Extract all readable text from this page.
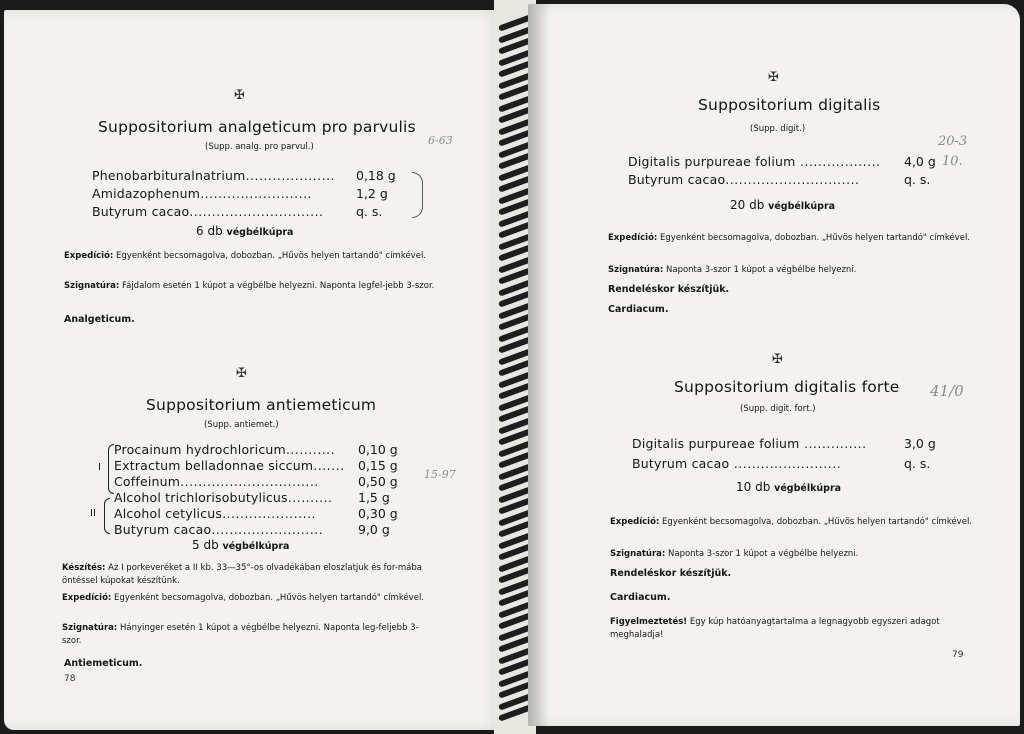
✠
Suppositorium analgeticum pro parvulis
6-63
(Supp. analg. pro parvul.)
Phenobarbituralnatrium.................... 0,18 g
Amidazophenum.........................	1,2 g
Butyrum cacao..............................	q. s.
6 db végbélkúpra
Expedíció: Egyenként becsomagolva, dobozban. „Hűvös helyen tartandó" címkével.
Szignatúra: Fájdalom esetén 1 kúpot a végbélbe helyezni. Naponta legfel-jebb 3-szor.
Analgeticum.
✠
Suppositorium antiemeticum
(Supp. antiemet.)
I
II
Procainum hydrochloricum........... 0,10 g
Extractum belladonnae siccum....... 0,15 g
Coffeinum...............................	0,50 g
Alcohol trichlorisobutylicus.......... 1,5 g
Alcohol cetylicus.....................	0,30 g
Butyrum cacao.........................	9,0 g
15-97
5 db végbélkúpra
Készítés: Az I porkeveréket a II kb. 33—35°-os olvadékában eloszlatjuk és for-mába öntéssel kúpokat készítünk.
Expedíció: Egyenként becsomagolva, dobozban. „Hűvös helyen tartandó" címkével.
Szignatúra: Hányinger esetén 1 kúpot a végbélbe helyezni. Naponta leg-feljebb 3-szor.
Antiemeticum.
78
✠
Suppositorium digitalis
(Supp. digit.)
20-3
10.
Digitalis purpureae folium .................. 4,0 g
Butyrum cacao..............................	q. s.
20 db végbélkúpra
Expedíció: Egyenként becsomagolva, dobozban. „Hűvös helyen tartandó" címkével.
Szignatúra: Naponta 3-szor 1 kúpot a végbélbe helyezni.
Rendeléskor készítjük.
Cardiacum.
✠
Suppositorium digitalis forte 41/0
(Supp. digit. fort.)
Digitalis purpureae folium ..............	3,0 g
Butyrum cacao ........................	q. s.
10 db végbélkúpra
Expedíció: Egyenként becsomagolva, dobozban. „Hűvös helyen tartandó" címkével.
Szignatúra: Naponta 3-szor 1 kúpot a végbélbe helyezni.
Rendeléskor készítjük.
Cardiacum.
Figyelmeztetés! Egy kúp hatóanyagtartalma a legnagyobb egyszeri adagot meghaladja!
79
